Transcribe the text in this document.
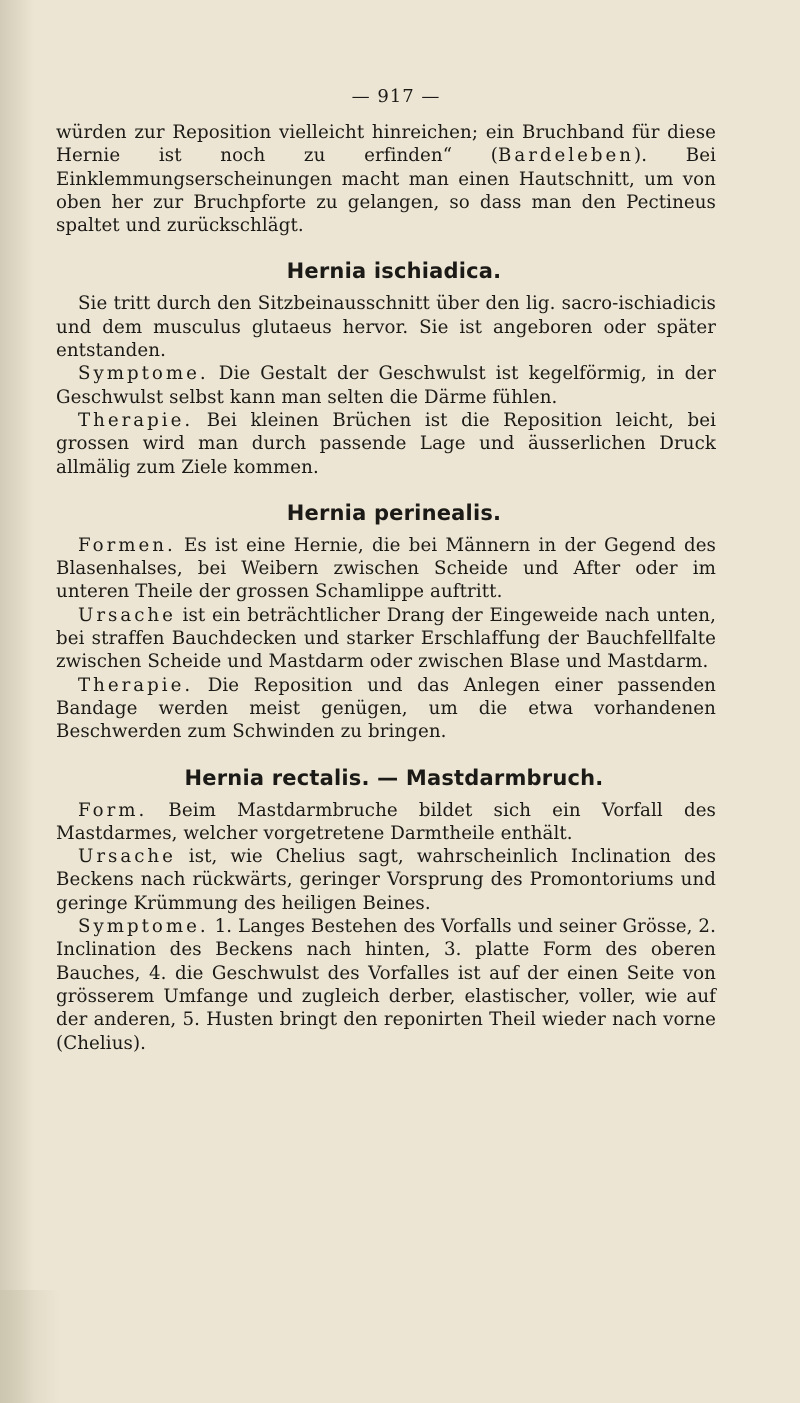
— 917 —

würden zur Reposition vielleicht hinreichen; ein Bruchband für diese Hernie ist noch zu erfinden“ (Bardeleben). Bei Einklemmungserscheinungen macht man einen Hautschnitt, um von oben her zur Bruchpforte zu gelangen, so dass man den Pectineus spaltet und zurückschlägt.

Hernia ischiadica.

Sie tritt durch den Sitzbeinausschnitt über den lig. sacro-ischiadicis und dem musculus glutaeus hervor. Sie ist angeboren oder später entstanden.

Symptome. Die Gestalt der Geschwulst ist kegelförmig, in der Geschwulst selbst kann man selten die Därme fühlen.

Therapie. Bei kleinen Brüchen ist die Reposition leicht, bei grossen wird man durch passende Lage und äusserlichen Druck allmälig zum Ziele kommen.

Hernia perinealis.

Formen. Es ist eine Hernie, die bei Männern in der Gegend des Blasenhalses, bei Weibern zwischen Scheide und After oder im unteren Theile der grossen Schamlippe auftritt.

Ursache ist ein beträchtlicher Drang der Eingeweide nach unten, bei straffen Bauchdecken und starker Erschlaffung der Bauchfellfalte zwischen Scheide und Mastdarm oder zwischen Blase und Mastdarm.

Therapie. Die Reposition und das Anlegen einer passenden Bandage werden meist genügen, um die etwa vorhandenen Beschwerden zum Schwinden zu bringen.

Hernia rectalis. — Mastdarmbruch.

Form. Beim Mastdarmbruche bildet sich ein Vorfall des Mastdarmes, welcher vorgetretene Darmtheile enthält.

Ursache ist, wie Chelius sagt, wahrscheinlich Inclination des Beckens nach rückwärts, geringer Vorsprung des Promontoriums und geringe Krümmung des heiligen Beines.

Symptome. 1. Langes Bestehen des Vorfalls und seiner Grösse, 2. Inclination des Beckens nach hinten, 3. platte Form des oberen Bauches, 4. die Geschwulst des Vorfalles ist auf der einen Seite von grösserem Umfange und zugleich derber, elastischer, voller, wie auf der anderen, 5. Husten bringt den reponirten Theil wieder nach vorne (Chelius).
